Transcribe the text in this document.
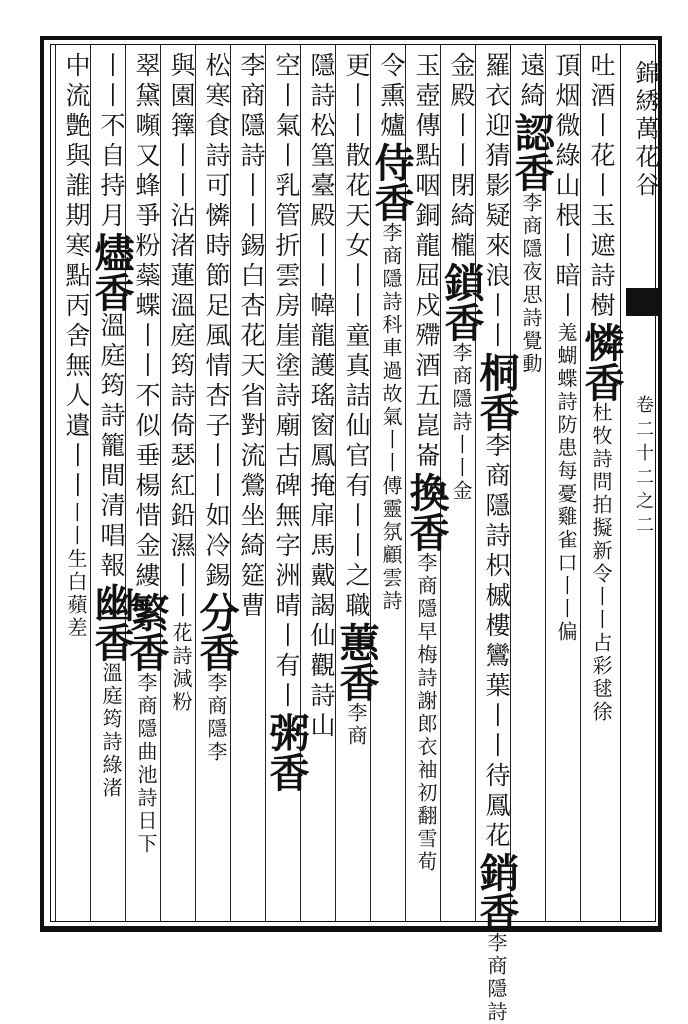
錦綉萬花谷
卷二十二之二
吐酒丨花丨玉遮詩樹憐香杜牧詩問拍擬新令丨丨占彩毬徐
頂烟微綠山根丨暗丨羗蝴蝶詩防患每憂雞雀口丨丨偏
遠綺認香李商隱夜思詩覺動
羅衣迎猜影疑來浪丨丨桐香李商隱詩枳槭樓鸞葉丨丨待鳳花銷香李商隱詩
金殿丨丨閉綺櫳鎖香李商隱詩丨丨金
玉壺傳點咽銅龍屈戍殢酒五崑崙換香李商隱早梅詩謝郎衣袖初翻雪荀
令熏爐侍香李商隱詩科車過故氣丨丨傅靈氛顧雲詩
更丨丨散花天女丨丨童真詰仙官有丨丨之職蕙香李商
隱詩松篁臺殿丨丨幃龍護瑤窗鳳掩扉馬戴謁仙觀詩山
空丨氣丨乳管折雲房崖塗詩廟古碑無字洲晴丨有丨粥香
李商隱詩丨丨錫白杏花天省對流鶯坐綺筵曹
松寒食詩可憐時節足風情杏子丨丨如冷錫分香李商隱李
與園籜丨丨沾渚蓮溫庭筠詩倚瑟紅鉛濕丨丨花詩減粉
翠黛嚬又蜂爭粉蘂蝶丨丨不似垂楊惜金縷繁香李商隱曲池詩日下
丨丨不自持月燼香溫庭筠詩籠間清唱報幽香溫庭筠詩綠渚
中流艶與誰期寒點丙舍無人遺丨丨丨丨生白蘋差
